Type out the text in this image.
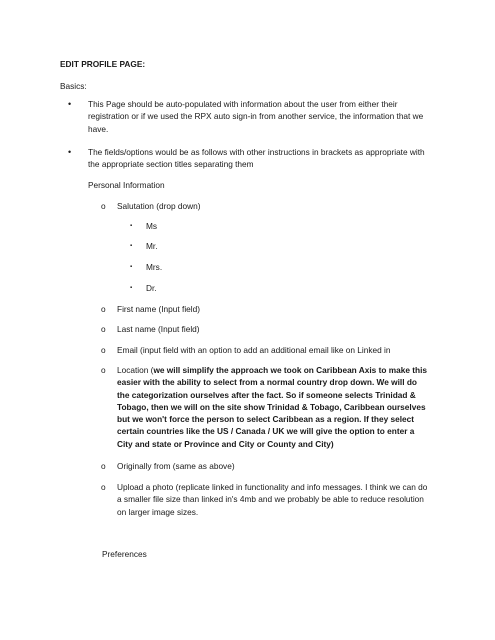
EDIT PROFILE PAGE:
Basics:
• This Page should be auto-populated with information about the user from either their registration or if we used the RPX auto sign-in from another service, the information that we have.
• The fields/options would be as follows with other instructions in brackets as appropriate with the appropriate section titles separating them
Personal Information
o Salutation (drop down)
▪ Ms
▪ Mr.
▪ Mrs.
▪ Dr.
o First name (Input field)
o Last name (Input field)
o Email (input field with an option to add an additional email like on Linked in
o Location (we will simplify the approach we took on Caribbean Axis to make this easier with the ability to select from a normal country drop down. We will do the categorization ourselves after the fact. So if someone selects Trinidad & Tobago, then we will on the site show Trinidad & Tobago, Caribbean ourselves but we won't force the person to select Caribbean as a region. If they select certain countries like the US / Canada / UK we will give the option to enter a City and state or Province and City or County and City)
o Originally from (same as above)
o Upload a photo (replicate linked in functionality and info messages. I think we can do a smaller file size than linked in's 4mb and we probably be able to reduce resolution on larger image sizes.
Preferences
